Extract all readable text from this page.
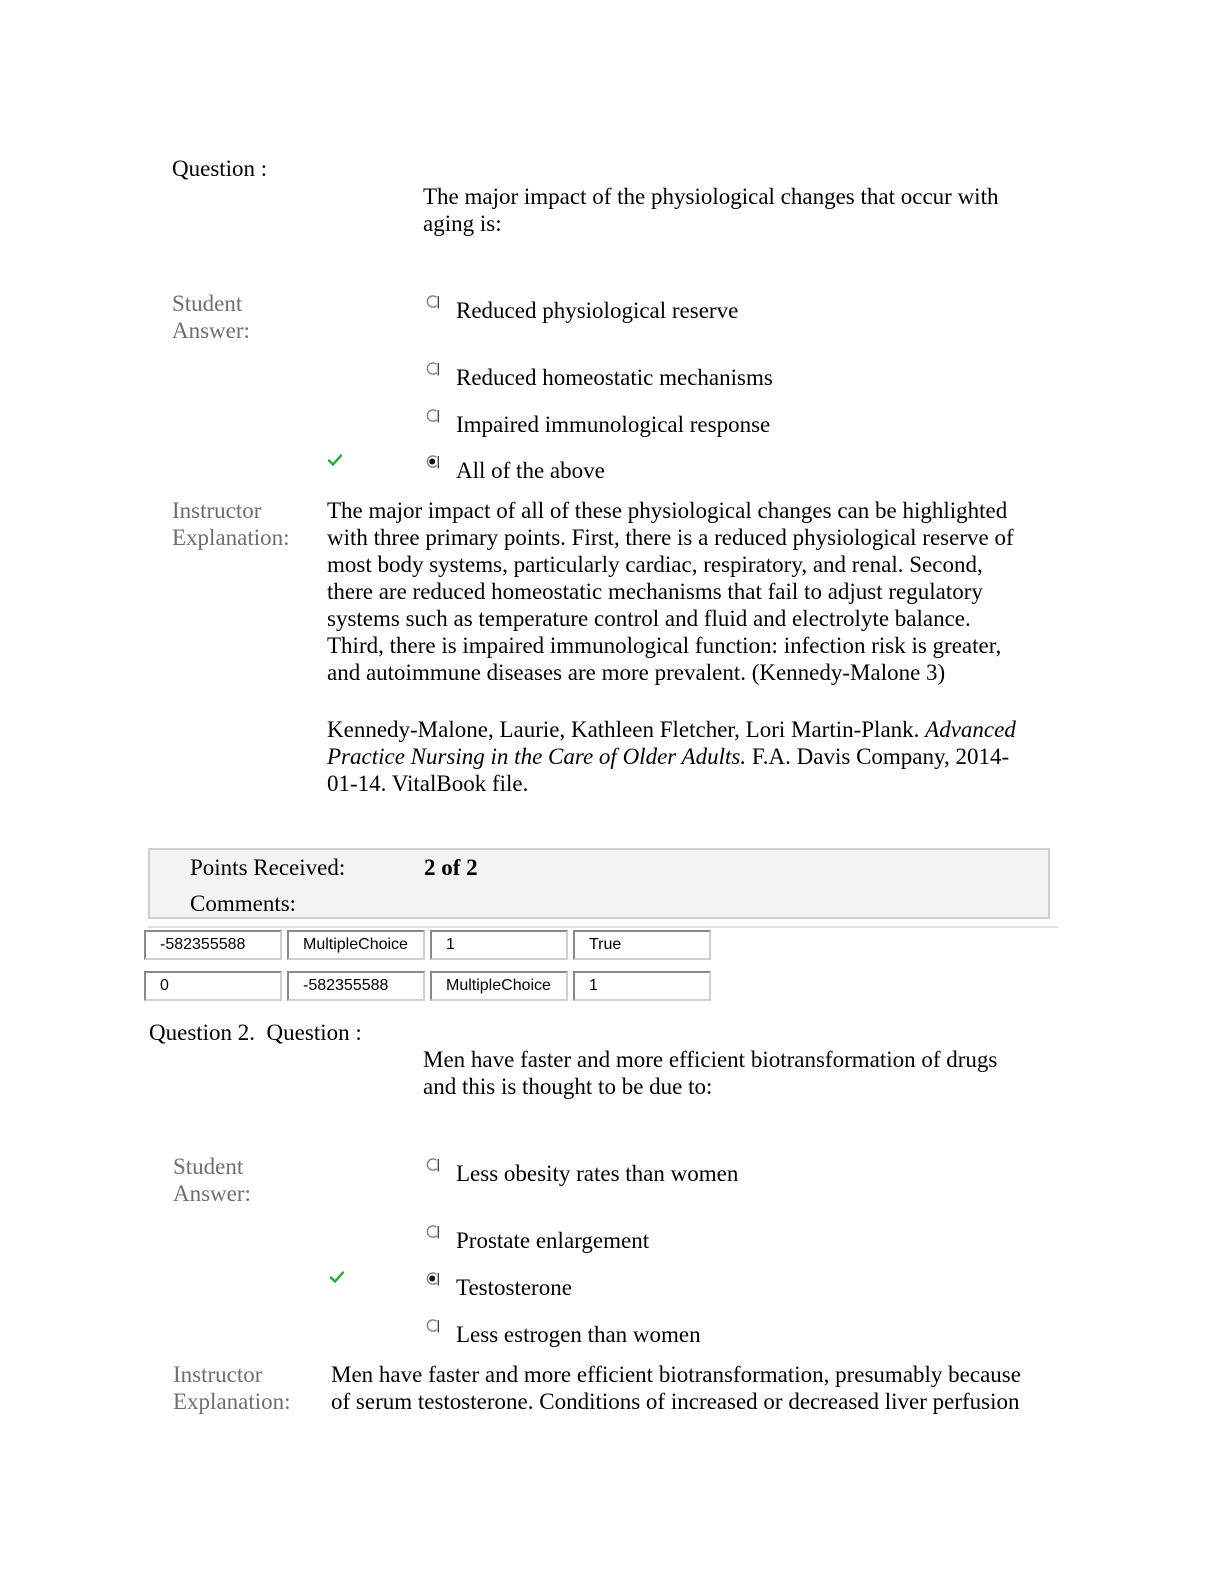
Question :
The major impact of the physiological changes that occur with
aging is:
Student
Answer:
Reduced physiological reserve
Reduced homeostatic mechanisms
Impaired immunological response
All of the above
Instructor
Explanation:
The major impact of all of these physiological changes can be highlighted
with three primary points. First, there is a reduced physiological reserve of
most body systems, particularly cardiac, respiratory, and renal. Second,
there are reduced homeostatic mechanisms that fail to adjust regulatory
systems such as temperature control and fluid and electrolyte balance.
Third, there is impaired immunological function: infection risk is greater,
and autoimmune diseases are more prevalent. (Kennedy-Malone 3)
Kennedy-Malone, Laurie, Kathleen Fletcher, Lori Martin-Plank. Advanced
Practice Nursing in the Care of Older Adults. F.A. Davis Company, 2014-
01-14. VitalBook file.
Points Received:	2 of 2
Comments:
-582355588	MultipleChoice	1	True
0	-582355588	MultipleChoice	1
Question 2.  Question :
Men have faster and more efficient biotransformation of drugs
and this is thought to be due to:
Student
Answer:
Less obesity rates than women
Prostate enlargement
Testosterone
Less estrogen than women
Instructor
Explanation:
Men have faster and more efficient biotransformation, presumably because
of serum testosterone. Conditions of increased or decreased liver perfusion
